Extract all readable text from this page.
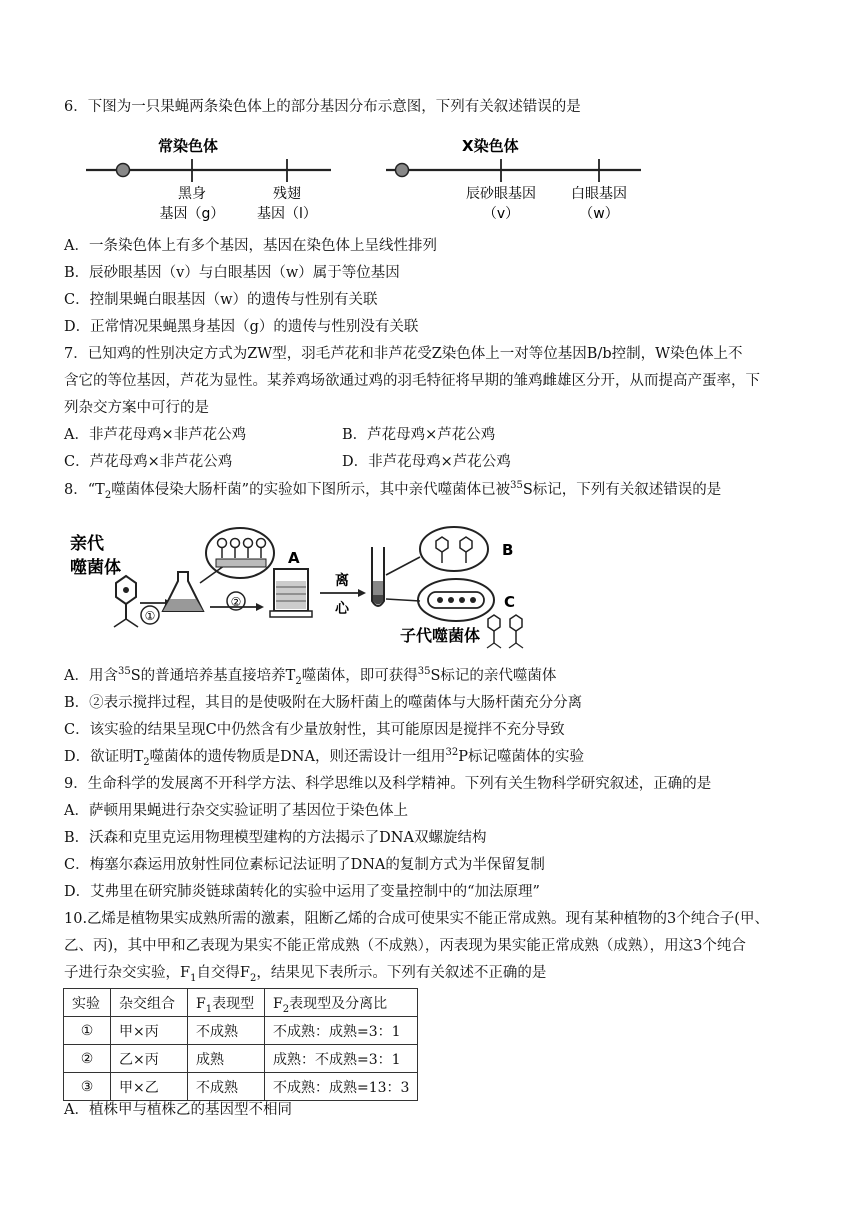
6．下图为一只果蝇两条染色体上的部分基因分布示意图，下列有关叙述错误的是
常染色体
黑身
基因（g）
残翅
基因（l）
X染色体
辰砂眼基因
（v）
白眼基因
（w）
A．一条染色体上有多个基因，基因在染色体上呈线性排列
B．辰砂眼基因（v）与白眼基因（w）属于等位基因
C．控制果蝇白眼基因（w）的遗传与性别有关联
D．正常情况果蝇黑身基因（g）的遗传与性别没有关联
7．已知鸡的性别决定方式为ZW型，羽毛芦花和非芦花受Z染色体上一对等位基因B/b控制，W染色体上不
含它的等位基因，芦花为显性。某养鸡场欲通过鸡的羽毛特征将早期的雏鸡雌雄区分开，从而提高产蛋率，下
列杂交方案中可行的是
A．非芦花母鸡×非芦花公鸡	B．芦花母鸡×芦花公鸡
C．芦花母鸡×非芦花公鸡	D．非芦花母鸡×芦花公鸡
8．“$T_2$噬菌体侵染大肠杆菌”的实验如下图所示，其中亲代噬菌体已被$^{35}$S标记，下列有关叙述错误的是
亲代
噬菌体
①
②
A
离
心
B
C
子代噬菌体
A．用含$^{35}$S的普通培养基直接培养$T_2$噬菌体，即可获得$^{35}$S标记的亲代噬菌体
B．②表示搅拌过程，其目的是使吸附在大肠杆菌上的噬菌体与大肠杆菌充分分离
C．该实验的结果呈现C中仍然含有少量放射性，其可能原因是搅拌不充分导致
D．欲证明$T_2$噬菌体的遗传物质是DNA，则还需设计一组用$^{32}$P标记噬菌体的实验
9．生命科学的发展离不开科学方法、科学思维以及科学精神。下列有关生物科学研究叙述，正确的是
A．萨顿用果蝇进行杂交实验证明了基因位于染色体上
B．沃森和克里克运用物理模型建构的方法揭示了DNA双螺旋结构
C．梅塞尔森运用放射性同位素标记法证明了DNA的复制方式为半保留复制
D．艾弗里在研究肺炎链球菌转化的实验中运用了变量控制中的“加法原理”
10.乙烯是植物果实成熟所需的激素，阻断乙烯的合成可使果实不能正常成熟。现有某种植物的3个纯合子(甲、
乙、丙)，其中甲和乙表现为果实不能正常成熟（不成熟），丙表现为果实能正常成熟（成熟），用这3个纯合
子进行杂交实验，$F_1$自交得$F_2$，结果见下表所示。下列有关叙述不正确的是
实验	杂交组合	$F_1$表现型	$F_2$表现型及分离比
①	甲×丙	不成熟	不成熟：成熟=3：1
②	乙×丙	成熟	成熟：不成熟=3：1
③	甲×乙	不成熟	不成熟：成熟=13：3
A．植株甲与植株乙的基因型不相同
